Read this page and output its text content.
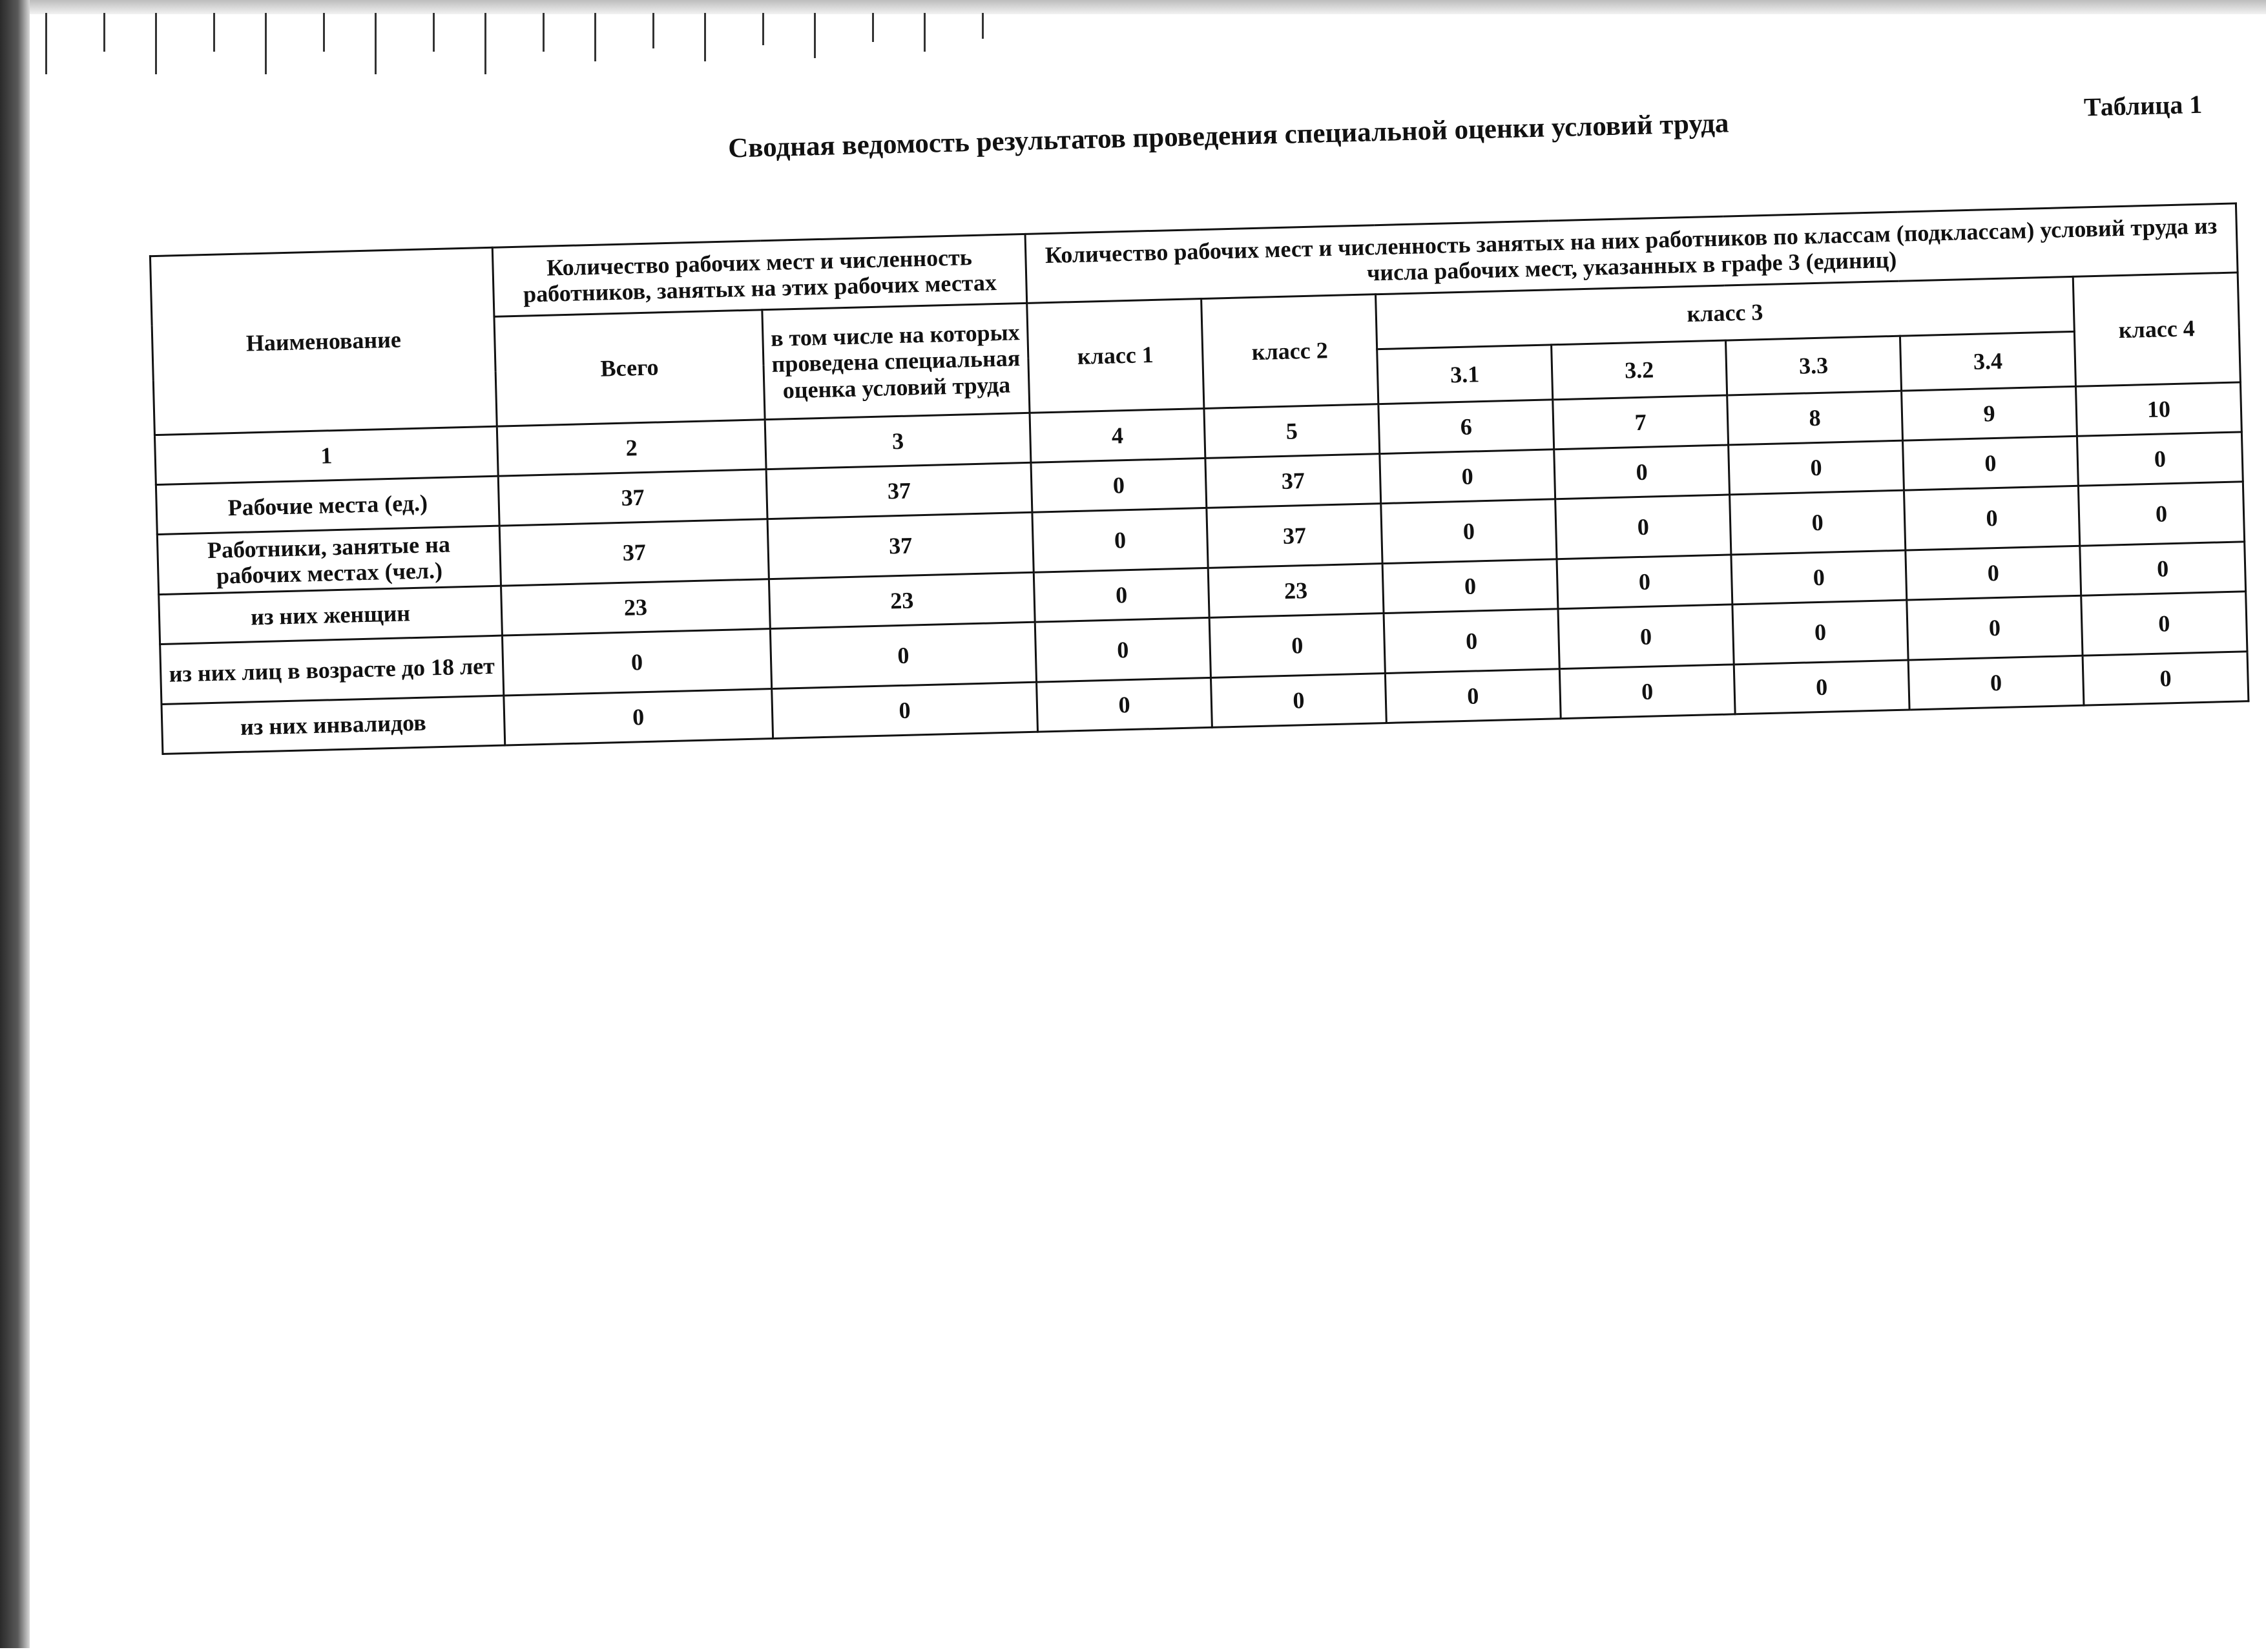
Сводная ведомость результатов проведения специальной оценки условий труда
Таблица 1
Наименование	Количество рабочих мест и численность работников, занятых на этих рабочих местах		Количество рабочих мест и численность занятых на них работников по классам (подклассам) условий труда из числа рабочих мест, указанных в графе 3 (единиц)						
	Всего	в том числе на которых проведена специальная оценка условий труда	класс 1	класс 2	класс 3				класс 4
					3.1	3.2	3.3	3.4	
1	2	3	4	5	6	7	8	9	10
Рабочие места (ед.)	37	37	0	37	0	0	0	0	0
Работники, занятые на рабочих местах (чел.)	37	37	0	37	0	0	0	0	0
из них женщин	23	23	0	23	0	0	0	0	0
из них лиц в возрасте до 18 лет	0	0	0	0	0	0	0	0	0
из них инвалидов	0	0	0	0	0	0	0	0	0
